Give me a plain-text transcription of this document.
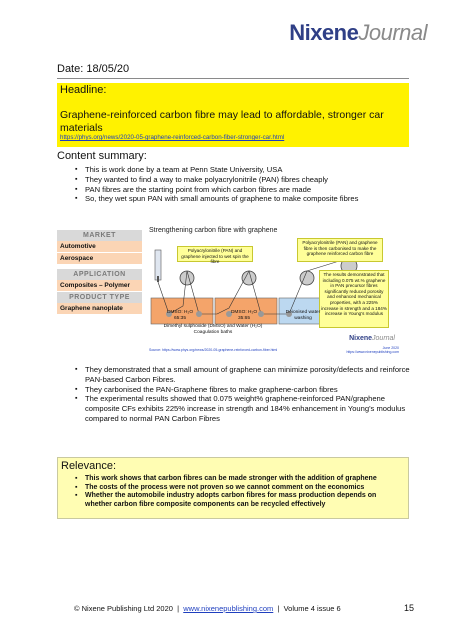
NixeneJournal
Date: 18/05/20
Headline:
Graphene-reinforced carbon fibre may lead to affordable, stronger car materials
https://phys.org/news/2020-05-graphene-reinforced-carbon-fiber-stronger-car.html
Content summary:
▪ This is work done by a team at Penn State University, USA
▪ They wanted to find a way to make polyacrylonitrile (PAN) fibres cheaply
▪ PAN fibres are the starting point from which carbon fibres are made
▪ So, they wet spun PAN with small amounts of graphene to make composite fibres
MARKET
Automotive
Aerospace
APPLICATION
Composites – Polymer
PRODUCT TYPE
Graphene nanoplate
Strengthening carbon fibre with graphene
Polyacrylonitrile (PAN) and graphene injected to wet spin the fibre
Polyacrylonitrile (PAN) and graphene fibre is then carbonised to make the graphene reinforced carbon fibre
The results demonstrated that including 0.075 wt.% graphene in PAN precursor fibres significantly reduced porosity and enhanced mechanical properties, with a 225% increase in strength and a 184% increase in Young's modulus
DMSO: H₂O
65:35
DMSO: H₂O
35:65
Deionised water
washing
Dimethyl sulphoxide (DMSO) and Water (H₂O)
Coagulation baths
Source: https://www.phys.org/news/2020-05-graphene-reinforced-carbon-fiber.html
NixeneJournal
June 2020
https://www.nixenepublishing.com
▪ They demonstrated that a small amount of graphene can minimize porosity/defects and reinforce PAN-based Carbon Fibres.
▪ They carbonised the PAN-Graphene fibres to make graphene-carbon fibres
▪ The experimental results showed that 0.075 weight% graphene-reinforced PAN/graphene composite CFs exhibits 225% increase in strength and 184% enhancement in Young's modulus compared to normal PAN Carbon Fibres
Relevance:
▪ This work shows that carbon fibres can be made stronger with the addition of graphene
▪ The costs of the process were not proven so we cannot comment on the economics
▪ Whether the automobile industry adopts carbon fibres for mass production depends on whether carbon fibre composite components can be recycled effectively
© Nixene Publishing Ltd 2020 | www.nixenepublishing.com | Volume 4 issue 6	15
